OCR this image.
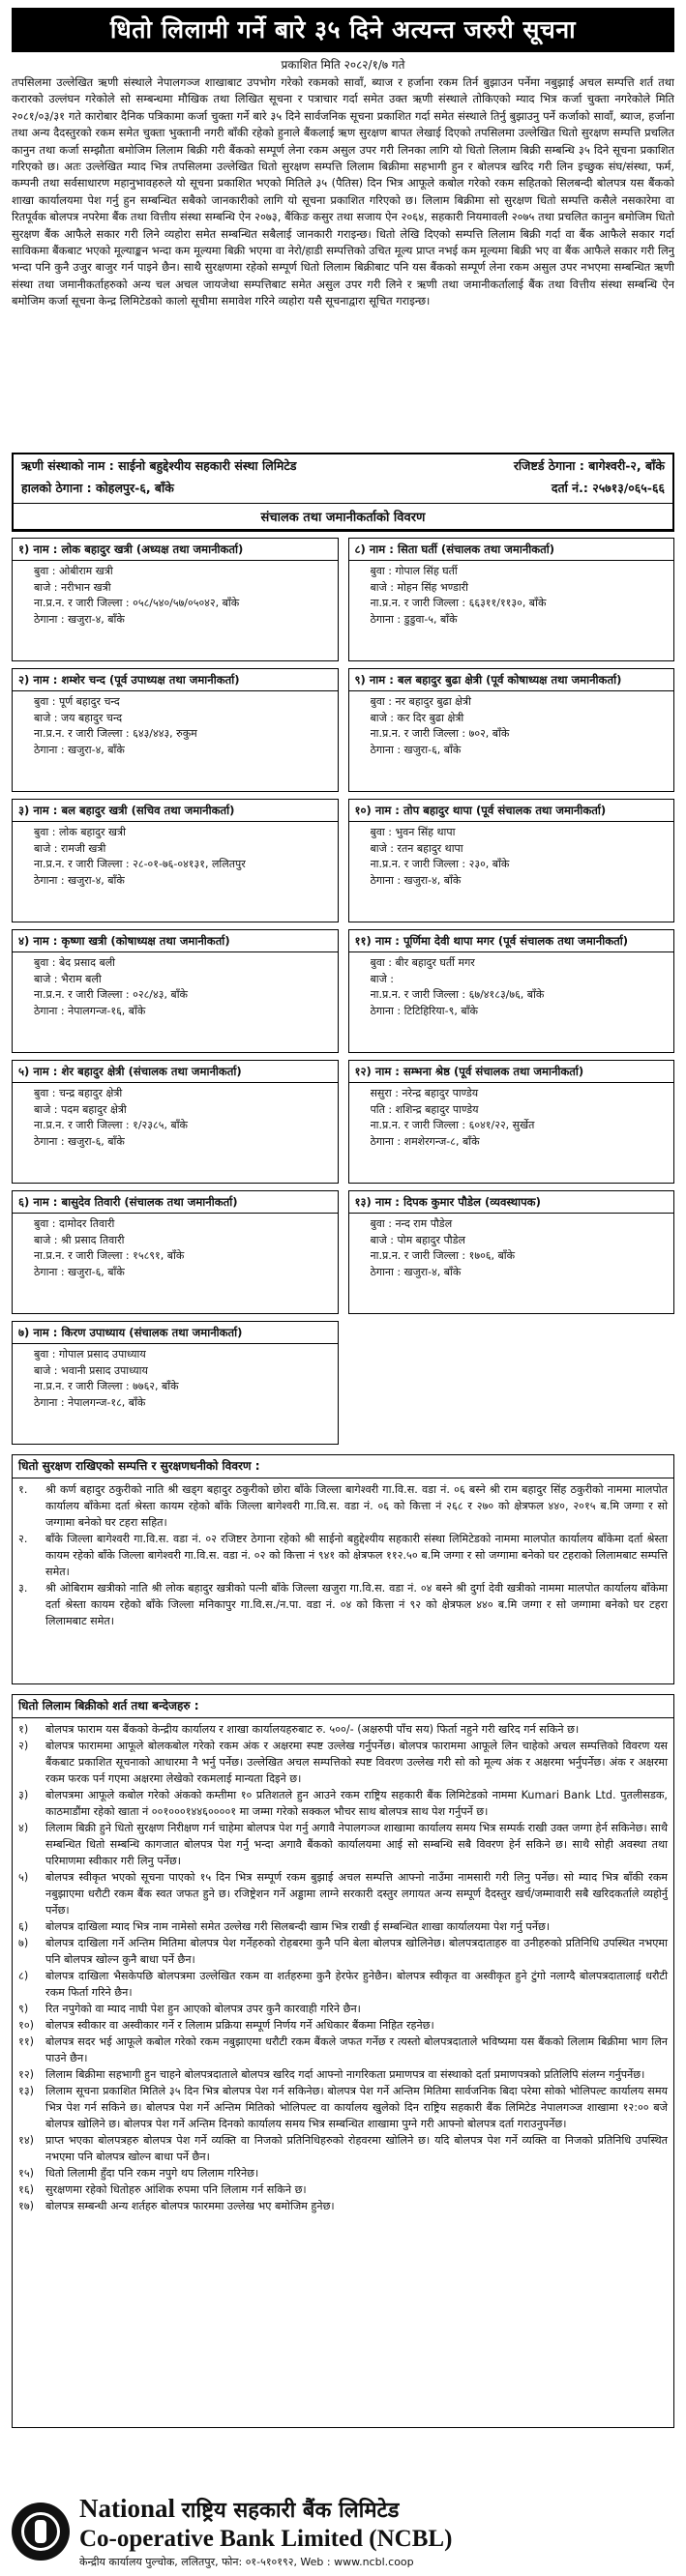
धितो लिलामी गर्ने बारे ३५ दिने अत्यन्त जरुरी सूचना
प्रकाशित मिति २०८२/१/७ गते

तपसिलमा उल्लेखित ऋणी संस्थाले नेपालगञ्ज शाखाबाट उपभोग गरेको रकमको सावाँ, ब्याज र हर्जाना रकम तिर्न बुझाउन पर्नेमा नबुझाई अचल सम्पत्ति शर्त तथा करारको उल्लंघन गरेकोले सो सम्बन्धमा मौखिक तथा लिखित सूचना र पत्राचार गर्दा समेत उक्त ऋणी संस्थाले तोकिएको म्याद भित्र कर्जा चुक्ता नगरेकोले मिति २०८१/०३/३१ गते कारोबार दैनिक पत्रिकामा कर्जा चुक्ता गर्ने बारे ३५ दिने सार्वजनिक सूचना प्रकाशित गर्दा समेत संस्थाले तिर्नु बुझाउनु पर्ने कर्जाको सावाँ, ब्याज, हर्जाना तथा अन्य दैदस्तुरको रकम समेत चुक्ता भुक्तानी नगरी बाँकी रहेको हुनाले बैंकलाई ऋण सुरक्षण बापत लेखाई दिएको तपसिलमा उल्लेखित धितो सुरक्षण सम्पत्ति प्रचलित कानुन तथा कर्जा सम्झौता बमोजिम लिलाम बिक्री गरी बैंकको सम्पूर्ण लेना रकम असुल उपर गरी लिनका लागि यो धितो लिलाम बिक्री सम्बन्धि ३५ दिने सूचना प्रकाशित गरिएको छ। अतः उल्लेखित म्याद भित्र तपसिलमा उल्लेखित धितो सुरक्षण सम्पत्ति लिलाम बिक्रीमा सहभागी हुन र बोलपत्र खरिद गरी लिन इच्छुक संघ/संस्था, फर्म, कम्पनी तथा सर्वसाधारण महानुभावहरुले यो सूचना प्रकाशित भएको मितिले ३५ (पैतिस) दिन भित्र आफूले कबोल गरेको रकम सहितको सिलबन्दी बोलपत्र यस बैंकको शाखा कार्यालयमा पेश गर्नु हुन सम्बन्धित सबैको जानकारीको लागि यो सूचना प्रकाशित गरिएको छ। लिलाम बिक्रीमा सो सुरक्षण धितो सम्पत्ति कसैले नसकारेमा वा रितपूर्वक बोलपत्र नपरेमा बैंक तथा वित्तीय संस्था सम्बन्धि ऐन २०७३, बैंकिङ कसुर तथा सजाय ऐन २०६४, सहकारी नियमावली २०७५ तथा प्रचलित कानुन बमोजिम धितो सुरक्षण बैंक आफैले सकार गरी लिने व्यहोरा समेत सम्बन्धित सबैलाई जानकारी गराइन्छ। धितो लेखि दिएको सम्पत्ति लिलाम बिक्री गर्दा वा बैंक आफैले सकार गर्दा साविकमा बैंकबाट भएको मूल्याङ्कन भन्दा कम मूल्यमा बिक्री भएमा वा नेरो/हाडी सम्पत्तिको उचित मूल्य प्राप्त नभई कम मूल्यमा बिक्री भए वा बैंक आफैले सकार गरी लिनु भन्दा पनि कुनै उजुर बाजुर गर्न पाइने छैन। साथै सुरक्षणमा रहेको सम्पूर्ण धितो लिलाम बिक्रीबाट पनि यस बैंकको सम्पूर्ण लेना रकम असुल उपर नभएमा सम्बन्धित ऋणी संस्था तथा जमानीकर्ताहरुको अन्य चल अचल जायजेथा सम्पत्तिबाट समेत असुल उपर गरी लिने र ऋणी तथा जमानीकर्तालाई बैंक तथा वित्तीय संस्था सम्बन्धि ऐन बमोजिम कर्जा सूचना केन्द्र लिमिटेडको कालो सूचीमा समावेश गरिने व्यहोरा यसै सूचनाद्वारा सूचित गराइन्छ।

ऋणी संस्थाको नाम : साईनो बहुद्देश्यीय सहकारी संस्था लिमिटेड	रजिष्टर्ड ठेगाना : बागेश्वरी-२, बाँके
हालको ठेगाना : कोहलपुर-६, बाँके	दर्ता नं.: २५७१३/०६५-६६
संचालक तथा जमानीकर्ताको विवरण
१) नाम : लोक बहादुर खत्री (अध्यक्ष तथा जमानीकर्ता)
बुवा : ओबीराम खत्री
बाजे : नरीभान खत्री
ना.प्र.न. र जारी जिल्ला : ०५८/५४०/५७/०५०४२, बाँके
ठेगाना : खजुरा-४, बाँके
८) नाम : सिता घर्ती (संचालक तथा जमानीकर्ता)
बुवा : गोपाल सिंह घर्ती
बाजे : मोहन सिंह भण्डारी
ना.प्र.न. र जारी जिल्ला : ६६३११/११३०, बाँके
ठेगाना : डुडुवा-५, बाँके
२) नाम : शम्शेर चन्द (पूर्व उपाध्यक्ष तथा जमानीकर्ता)
बुवा : पूर्ण बहादुर चन्द
बाजे : जय बहादुर चन्द
ना.प्र.न. र जारी जिल्ला : ६४३/४४३, रुकुम
ठेगाना : खजुरा-४, बाँके
९) नाम : बल बहादुर बुढा क्षेत्री (पूर्व कोषाध्यक्ष तथा जमानीकर्ता)
बुवा : नर बहादुर बुढा क्षेत्री
बाजे : कर दिर बुढा क्षेत्री
ना.प्र.न. र जारी जिल्ला : ७०२, बाँके
ठेगाना : खजुरा-६, बाँके
३) नाम : बल बहादुर खत्री (सचिव तथा जमानीकर्ता)
बुवा : लोक बहादुर खत्री
बाजे : रामजी खत्री
ना.प्र.न. र जारी जिल्ला : २८-०१-७६-०४१३१, ललितपुर
ठेगाना : खजुरा-४, बाँके
१०) नाम : तोप बहादुर थापा (पूर्व संचालक तथा जमानीकर्ता)
बुवा : भुवन सिंह थापा
बाजे : रतन बहादुर थापा
ना.प्र.न. र जारी जिल्ला : २३०, बाँके
ठेगाना : खजुरा-४, बाँके
४) नाम : कृष्णा खत्री (कोषाध्यक्ष तथा जमानीकर्ता)
बुवा : बेद प्रसाद बली
बाजे : भैराम बली
ना.प्र.न. र जारी जिल्ला : ०२८/४३, बाँके
ठेगाना : नेपालगन्ज-१६, बाँके
११) नाम : पूर्णिमा देवी थापा मगर (पूर्व संचालक तथा जमानीकर्ता)
बुवा : बीर बहादुर घर्ती मगर
बाजे :
ना.प्र.न. र जारी जिल्ला : ६७/४१८३/७६, बाँके
ठेगाना : टिटिहिरिया-९, बाँके
५) नाम : शेर बहादुर क्षेत्री (संचालक तथा जमानीकर्ता)
बुवा : चन्द्र बहादुर क्षेत्री
बाजे : पदम बहादुर क्षेत्री
ना.प्र.न. र जारी जिल्ला : १/२३८५, बाँके
ठेगाना : खजुरा-६, बाँके
१२) नाम : सम्भना श्रेष्ठ (पूर्व संचालक तथा जमानीकर्ता)
ससुरा : नरेन्द्र बहादुर पाण्डेय
पति : शशिन्द्र बहादुर पाण्डेय
ना.प्र.न. र जारी जिल्ला : ६०४१/२२, सुर्खेत
ठेगाना : शमशेरगन्ज-८, बाँके
६) नाम : बासुदेव तिवारी (संचालक तथा जमानीकर्ता)
बुवा : दामोदर तिवारी
बाजे : श्री प्रसाद तिवारी
ना.प्र.न. र जारी जिल्ला : १५८९१, बाँके
ठेगाना : खजुरा-६, बाँके
१३) नाम : दिपक कुमार पौडेल (व्यवस्थापक)
बुवा : नन्द राम पौडेल
बाजे : पोम बहादुर पौडेल
ना.प्र.न. र जारी जिल्ला : १७०६, बाँके
ठेगाना : खजुरा-४, बाँके
७) नाम : किरण उपाध्याय (संचालक तथा जमानीकर्ता)
बुवा : गोपाल प्रसाद उपाध्याय
बाजे : भवानी प्रसाद उपाध्याय
ना.प्र.न. र जारी जिल्ला : ७७६२, बाँके
ठेगाना : नेपालगन्ज-१८, बाँके
धितो सुरक्षण राखिएको सम्पत्ति र सुरक्षणधनीको विवरण :
१.	श्री कर्ण बहादुर ठकुरीको नाति श्री खड्ग बहादुर ठकुरीको छोरा बाँके जिल्ला बागेश्वरी गा.वि.स. वडा नं. ०६ बस्ने श्री राम बहादुर सिंह ठकुरीको नाममा मालपोत कार्यालय बाँकेमा दर्ता श्रेस्ता कायम रहेको बाँके जिल्ला बागेश्वरी गा.वि.स. वडा नं. ०६ को कित्ता नं २६८ र २७० को क्षेत्रफल ४४०, २०१५ ब.मि जग्गा र सो जग्गामा बनेको घर टहरा सहित।
२.	बाँके जिल्ला बागेश्वरी गा.वि.स. वडा नं. ०२ रजिष्टर ठेगाना रहेको श्री साईनो बहुद्देश्यीय सहकारी संस्था लिमिटेडको नाममा मालपोत कार्यालय बाँकेमा दर्ता श्रेस्ता कायम रहेको बाँके जिल्ला बागेश्वरी गा.वि.स. वडा नं. ०२ को कित्ता नं ९४१ को क्षेत्रफल ११२.५० ब.मि जग्गा र सो जग्गामा बनेको घर टहराको लिलामबाट सम्पत्ति समेत।
३.	श्री ओबिराम खत्रीको नाति श्री लोक बहादुर खत्रीको पत्नी बाँके जिल्ला खजुरा गा.वि.स. वडा नं. ०४ बस्ने श्री दुर्गा देवी खत्रीको नाममा मालपोत कार्यालय बाँकेमा दर्ता श्रेस्ता कायम रहेको बाँके जिल्ला मनिकापुर गा.वि.स./न.पा. वडा नं. ०४ को कित्ता नं ९२ को क्षेत्रफल ४४० ब.मि जग्गा र सो जग्गामा बनेको घर टहरा लिलामबाट समेत।
धितो लिलाम बिक्रीको शर्त तथा बन्देजहरु :
१)	बोलपत्र फाराम यस बैंकको केन्द्रीय कार्यालय र शाखा कार्यालयहरुबाट रु. ५००/- (अक्षरुपी पाँच सय) फिर्ता नहुने गरी खरिद गर्न सकिने छ।
२)	बोलपत्र फाराममा आफूले बोलकबोल गरेको रकम अंक र अक्षरमा स्पष्ट उल्लेख गर्नुपर्नेछ। बोलपत्र फाराममा आफूले लिन चाहेको अचल सम्पत्तिको विवरण यस बैंकबाट प्रकाशित सूचनाको आधारमा नै भर्नु पर्नेछ। उल्लेखित अचल सम्पत्तिको स्पष्ट विवरण उल्लेख गरी सो को मूल्य अंक र अक्षरमा भर्नुपर्नेछ। अंक र अक्षरमा रकम फरक पर्न गएमा अक्षरमा लेखेको रकमलाई मान्यता दिइने छ।
३)	बोलपत्रमा आफूले कबोल गरेको अंकको कम्तीमा १० प्रतिशतले हुन आउने रकम राष्ट्रिय सहकारी बैंक लिमिटेडको नाममा Kumari Bank Ltd. पुतलीसडक, काठमाडौंमा रहेको खाता नं ००१०००१४४६००००१ मा जम्मा गरेको सक्कल भौचर साथ बोलपत्र साथ पेश गर्नुपर्ने छ।
४)	लिलाम बिक्री हुने धितो सुरक्षण निरीक्षण गर्न चाहेमा बोलपत्र पेश गर्नु अगावै नेपालगञ्ज शाखामा कार्यालय समय भित्र सम्पर्क राखी उक्त जग्गा हेर्न सकिनेछ। साथै सम्बन्धित धितो सम्बन्धि कागजात बोलपत्र पेश गर्नु भन्दा अगावै बैंकको कार्यालयमा आई सो सम्बन्धि सबै विवरण हेर्न सकिने छ। साथै सोही अवस्था तथा परिमाणमा स्वीकार गरी लिनु पर्नेछ।
५)	बोलपत्र स्वीकृत भएको सूचना पाएको १५ दिन भित्र सम्पूर्ण रकम बुझाई अचल सम्पत्ति आफ्नो नाउँमा नामसारी गरी लिनु पर्नेछ। सो म्याद भित्र बाँकी रकम नबुझाएमा धरौटी रकम बैंक स्वत जफत हुने छ। रजिष्ट्रेशन गर्ने अड्डामा लाग्ने सरकारी दस्तुर लगायत अन्य सम्पूर्ण दैदस्तुर खर्च/जम्मावारी सबै खरिदकर्ताले व्यहोर्नु पर्नेछ।
६)	बोलपत्र दाखिला म्याद भित्र नाम नामेसो समेत उल्लेख गरी सिलबन्दी खाम भित्र राखी ई सम्बन्धित शाखा कार्यालयमा पेश गर्नु पर्नेछ।
७)	बोलपत्र दाखिला गर्ने अन्तिम मितिमा बोलपत्र पेश गर्नेहरुको रोहबरमा कुनै पनि बेला बोलपत्र खोलिनेछ। बोलपत्रदाताहरु वा उनीहरुको प्रतिनिधि उपस्थित नभएमा पनि बोलपत्र खोल्न कुनै बाधा पर्ने छैन।
८)	बोलपत्र दाखिला भैसकेपछि बोलपत्रमा उल्लेखित रकम वा शर्तहरुमा कुनै हेरफेर हुनेछैन। बोलपत्र स्वीकृत वा अस्वीकृत हुने टुंगो नलाग्दै बोलपत्रदातालाई धरौटी रकम फिर्ता गरिने छैन।
९)	रित नपुगेको वा म्याद नाघी पेश हुन आएको बोलपत्र उपर कुनै कारवाही गरिने छैन।
१०)	बोलपत्र स्वीकार वा अस्वीकार गर्ने र लिलाम प्रक्रिया सम्पूर्ण निर्णय गर्ने अधिकार बैंकमा निहित रहनेछ।
११)	बोलपत्र सदर भई आफूले कबोल गरेको रकम नबुझाएमा धरौटी रकम बैंकले जफत गर्नेछ र त्यस्तो बोलपत्रदाताले भविष्यमा यस बैंकको लिलाम बिक्रीमा भाग लिन पाउने छैन।
१२)	लिलाम बिक्रीमा सहभागी हुन चाहने बोलपत्रदाताले बोलपत्र खरिद गर्दा आफ्नो नागरिकता प्रमाणपत्र वा संस्थाको दर्ता प्रमाणपत्रको प्रतिलिपि संलग्न गर्नुपर्नेछ।
१३)	लिलाम सूचना प्रकाशित मितिले ३५ दिन भित्र बोलपत्र पेश गर्न सकिनेछ। बोलपत्र पेश गर्ने अन्तिम मितिमा सार्वजनिक बिदा परेमा सोको भोलिपल्ट कार्यालय समय भित्र पेश गर्न सकिने छ। बोलपत्र पेश गर्ने अन्तिम मितिको भोलिपल्ट वा कार्यालय खुलेको दिन राष्ट्रिय सहकारी बैंक लिमिटेड नेपालगञ्ज शाखामा १२:०० बजे बोलपत्र खोलिने छ। बोलपत्र पेश गर्ने अन्तिम दिनको कार्यालय समय भित्र सम्बन्धित शाखामा पुग्ने गरी आफ्नो बोलपत्र दर्ता गराउनुपर्नेछ।
१४)	प्राप्त भएका बोलपत्रहरु बोलपत्र पेश गर्ने व्यक्ति वा निजको प्रतिनिधिहरुको रोहवरमा खोलिने छ। यदि बोलपत्र पेश गर्ने व्यक्ति वा निजको प्रतिनिधि उपस्थित नभएमा पनि बोलपत्र खोल्न बाधा पर्ने छैन।
१५)	धितो लिलामी हुँदा पनि रकम नपुगे थप लिलाम गरिनेछ।
१६)	सुरक्षणमा रहेको धितोहरु आंशिक रुपमा पनि लिलाम गर्न सकिने छ।
१७)	बोलपत्र सम्बन्धी अन्य शर्तहरु बोलपत्र फारममा उल्लेख भए बमोजिम हुनेछ।
National राष्ट्रिय सहकारी बैंक लिमिटेड
Co-operative Bank Limited (NCBL)
केन्द्रीय कार्यालय पुल्चोक, ललितपुर, फोन: ०१-५१०१९२, Web : www.ncbl.coop
